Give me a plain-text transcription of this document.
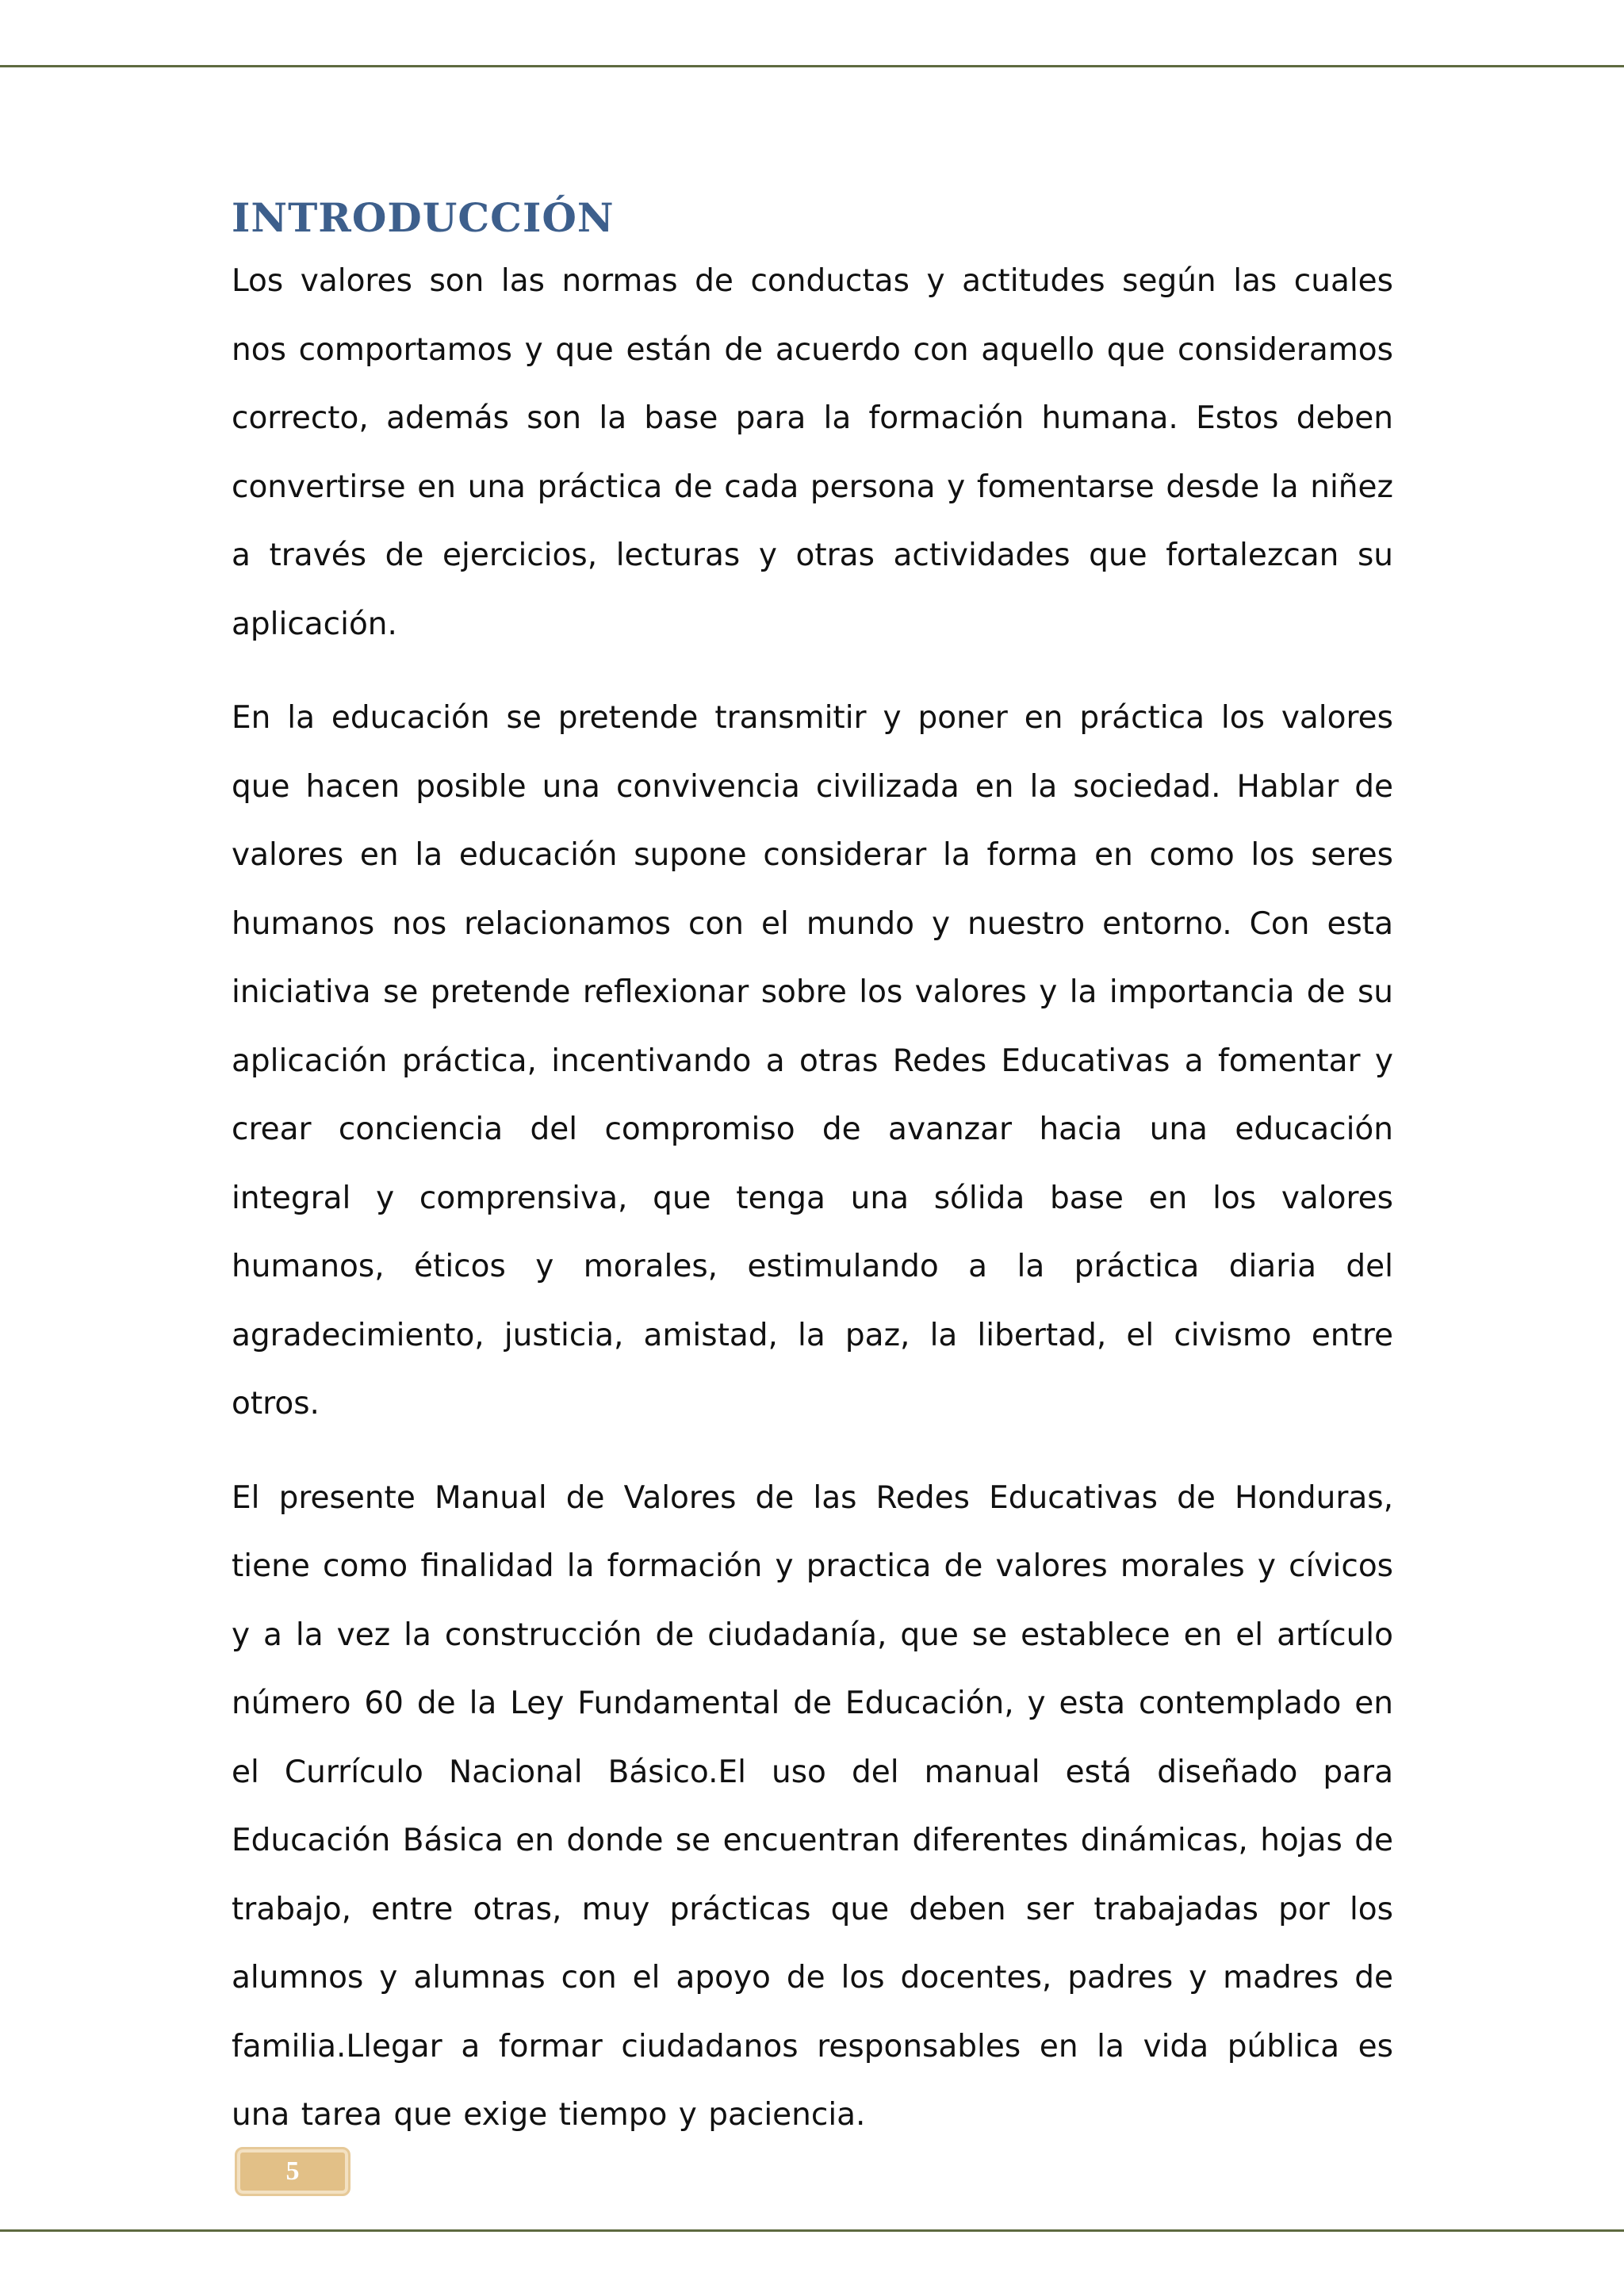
INTRODUCCIÓN

Los valores son las normas de conductas y actitudes según las cuales nos comportamos y que están de acuerdo con aquello que consideramos correcto, además son la base para la formación humana. Estos deben convertirse en una práctica de cada persona y fomentarse desde la niñez a través de ejercicios, lecturas y otras actividades que fortalezcan su aplicación.

En la educación se pretende transmitir y poner en práctica los valores que hacen posible una convivencia civilizada en la sociedad. Hablar de valores en la educación supone considerar la forma en como los seres humanos nos relacionamos con el mundo y nuestro entorno. Con esta iniciativa se pretende reflexionar sobre los valores y la importancia de su aplicación práctica, incentivando a otras Redes Educativas a fomentar y crear conciencia del compromiso de avanzar hacia una educación integral y comprensiva, que tenga una sólida base en los valores humanos, éticos y morales, estimulando a la práctica diaria del agradecimiento, justicia, amistad, la paz, la libertad, el civismo entre otros.

El presente Manual de Valores de las Redes Educativas de Honduras, tiene como finalidad la formación y practica de valores morales y cívicos y a la vez la construcción de ciudadanía, que se establece en el artículo número 60 de la Ley Fundamental de Educación, y esta contemplado en el Currículo Nacional Básico.El uso del manual está diseñado para Educación Básica en donde se encuentran diferentes dinámicas, hojas de trabajo, entre otras, muy prácticas que deben ser trabajadas por los alumnos y alumnas con el apoyo de los docentes, padres y madres de familia.Llegar a formar ciudadanos responsables en la vida pública es una tarea que exige tiempo y paciencia.

5
